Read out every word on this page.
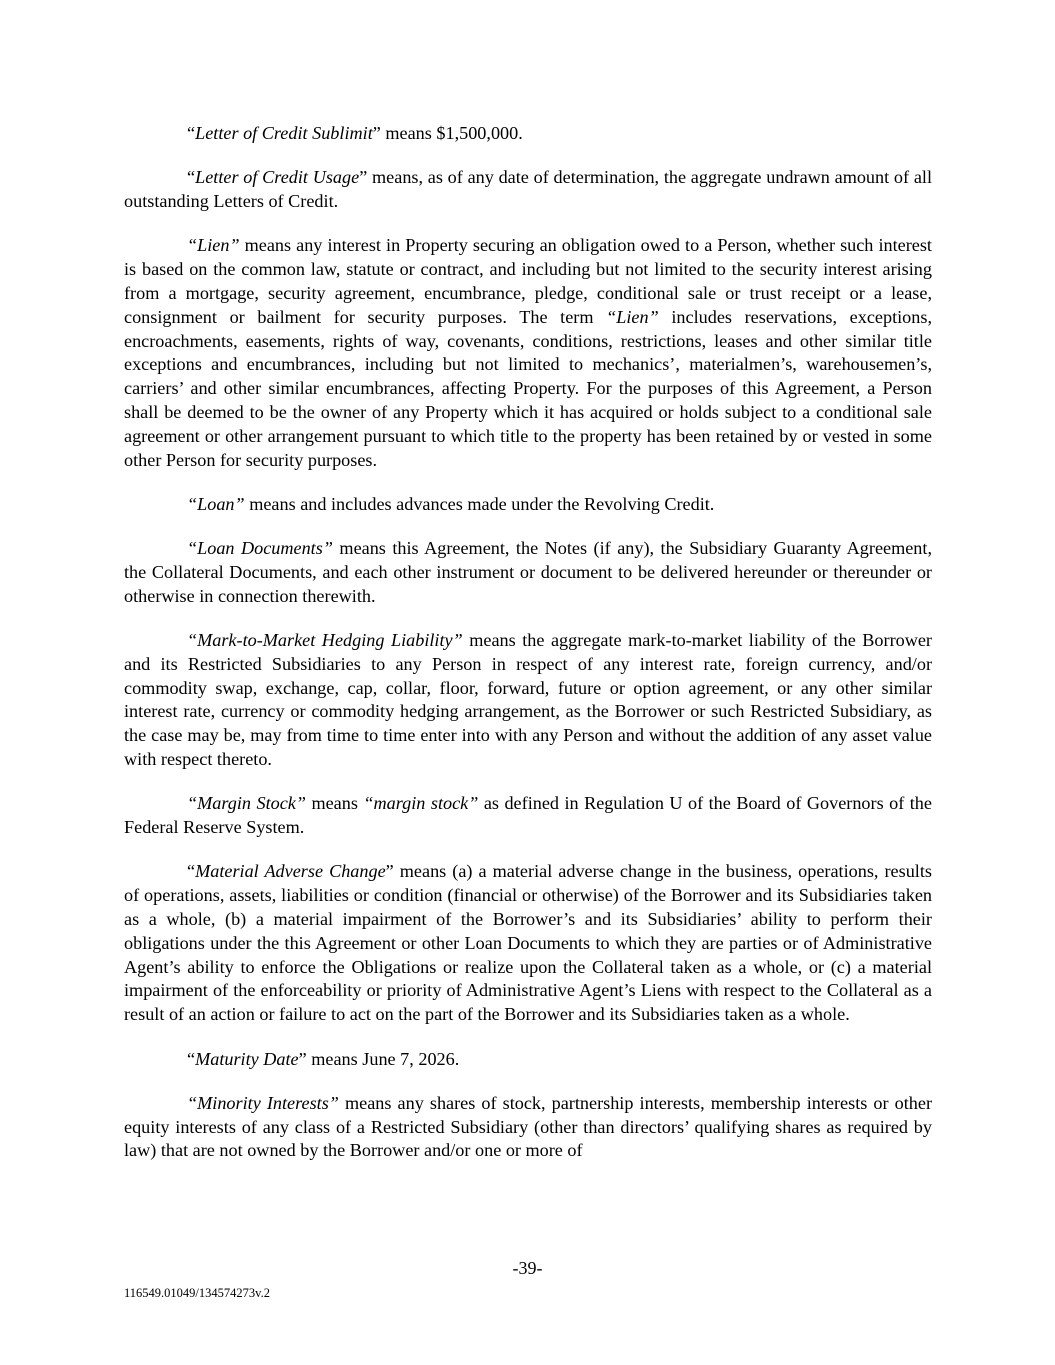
“Letter of Credit Sublimit” means $1,500,000.

“Letter of Credit Usage” means, as of any date of determination, the aggregate undrawn amount of all outstanding Letters of Credit.

“Lien” means any interest in Property securing an obligation owed to a Person, whether such interest is based on the common law, statute or contract, and including but not limited to the security interest arising from a mortgage, security agreement, encumbrance, pledge, conditional sale or trust receipt or a lease, consignment or bailment for security purposes. The term “Lien” includes reservations, exceptions, encroachments, easements, rights of way, covenants, conditions, restrictions, leases and other similar title exceptions and encumbrances, including but not limited to mechanics’, materialmen’s, warehousemen’s, carriers’ and other similar encumbrances, affecting Property. For the purposes of this Agreement, a Person shall be deemed to be the owner of any Property which it has acquired or holds subject to a conditional sale agreement or other arrangement pursuant to which title to the property has been retained by or vested in some other Person for security purposes.

“Loan” means and includes advances made under the Revolving Credit.

“Loan Documents” means this Agreement, the Notes (if any), the Subsidiary Guaranty Agreement, the Collateral Documents, and each other instrument or document to be delivered hereunder or thereunder or otherwise in connection therewith.

“Mark-to-Market Hedging Liability” means the aggregate mark-to-market liability of the Borrower and its Restricted Subsidiaries to any Person in respect of any interest rate, foreign currency, and/or commodity swap, exchange, cap, collar, floor, forward, future or option agreement, or any other similar interest rate, currency or commodity hedging arrangement, as the Borrower or such Restricted Subsidiary, as the case may be, may from time to time enter into with any Person and without the addition of any asset value with respect thereto.

“Margin Stock” means “margin stock” as defined in Regulation U of the Board of Governors of the Federal Reserve System.

“Material Adverse Change” means (a) a material adverse change in the business, operations, results of operations, assets, liabilities or condition (financial or otherwise) of the Borrower and its Subsidiaries taken as a whole, (b) a material impairment of the Borrower’s and its Subsidiaries’ ability to perform their obligations under the this Agreement or other Loan Documents to which they are parties or of Administrative Agent’s ability to enforce the Obligations or realize upon the Collateral taken as a whole, or (c) a material impairment of the enforceability or priority of Administrative Agent’s Liens with respect to the Collateral as a result of an action or failure to act on the part of the Borrower and its Subsidiaries taken as a whole.

“Maturity Date” means June 7, 2026.

“Minority Interests” means any shares of stock, partnership interests, membership interests or other equity interests of any class of a Restricted Subsidiary (other than directors’ qualifying shares as required by law) that are not owned by the Borrower and/or one or more of

-39-
116549.01049/134574273v.2
